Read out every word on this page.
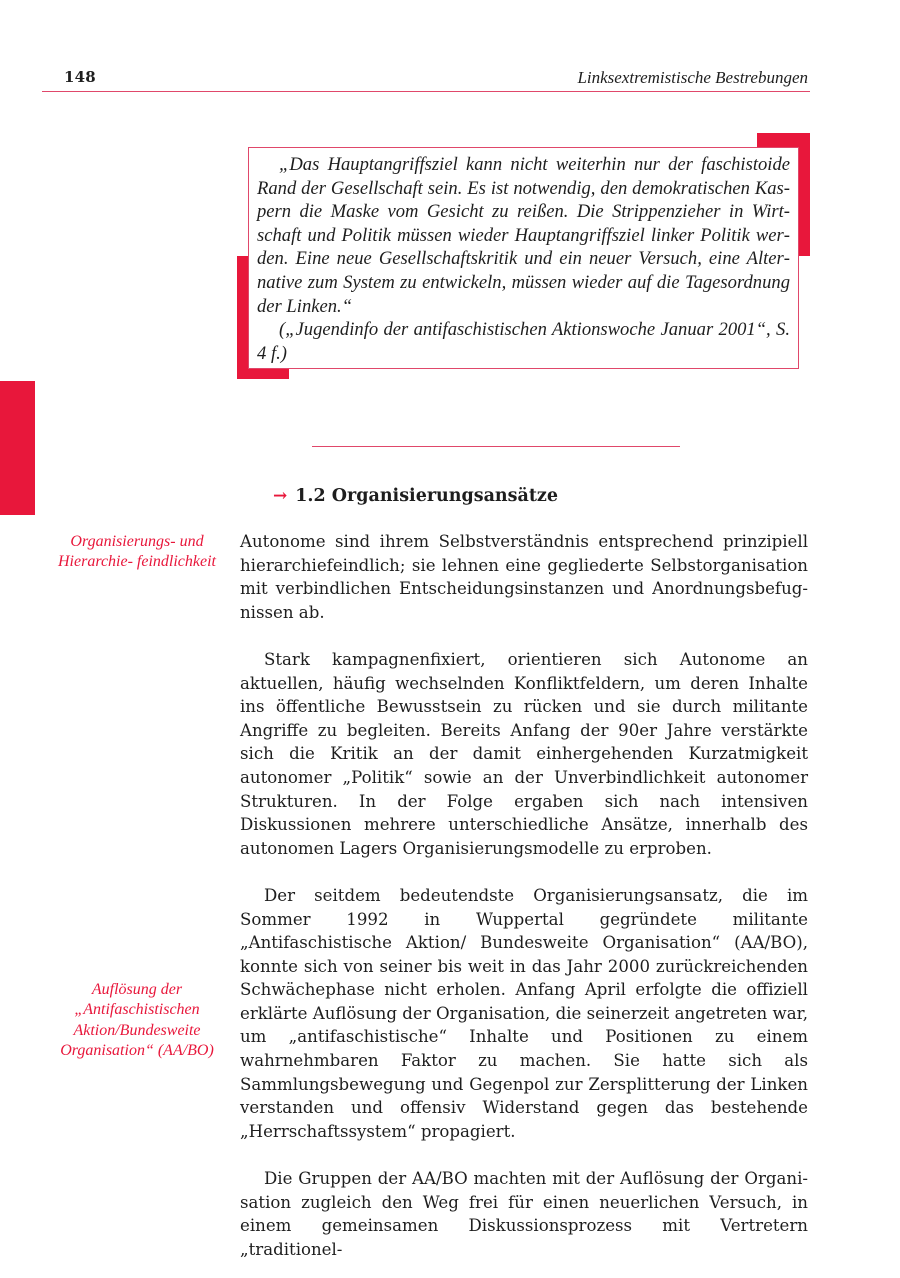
148	Linksextremistische Bestrebungen

„Das Hauptangriffsziel kann nicht weiterhin nur der faschistoide Rand der Gesellschaft sein. Es ist notwendig, den demokratischen Kaspern die Maske vom Gesicht zu reißen. Die Strippenzieher in Wirtschaft und Politik müssen wieder Hauptangriffsziel linker Politik werden. Eine neue Gesellschaftskritik und ein neuer Versuch, eine Alternative zum System zu entwickeln, müssen wieder auf die Tagesordnung der Linken.“

(„Jugendinfo der antifaschistischen Aktionswoche Januar 2001“, S. 4 f.)

→ 1.2 Organisierungsansätze
Organisierungs- und Hierarchie- feindlichkeit
Auflösung der „Antifaschistischen Aktion/Bundesweite Organisation“ (AA/BO)

Autonome sind ihrem Selbstverständnis entsprechend prinzipiell hierarchiefeindlich; sie lehnen eine gegliederte Selbstorganisation mit verbindlichen Entscheidungsinstanzen und Anordnungsbefugnissen ab.

Stark kampagnenfixiert, orientieren sich Autonome an aktuellen, häufig wechselnden Konfliktfeldern, um deren Inhalte ins öffentliche Bewusstsein zu rücken und sie durch militante Angriffe zu begleiten. Bereits Anfang der 90er Jahre verstärkte sich die Kritik an der damit einhergehenden Kurzatmigkeit autonomer „Politik“ sowie an der Unverbindlichkeit autonomer Strukturen. In der Folge ergaben sich nach intensiven Diskussionen mehrere unterschiedliche Ansätze, innerhalb des autonomen Lagers Organisierungsmodelle zu erproben.

Der seitdem bedeutendste Organisierungsansatz, die im Sommer 1992 in Wuppertal gegründete militante „Antifaschistische Aktion/ Bundesweite Organisation“ (AA/BO), konnte sich von seiner bis weit in das Jahr 2000 zurückreichenden Schwächephase nicht erholen. Anfang April erfolgte die offiziell erklärte Auflösung der Organisation, die seinerzeit angetreten war, um „antifaschistische“ Inhalte und Positionen zu einem wahrnehmbaren Faktor zu machen. Sie hatte sich als Sammlungsbewegung und Gegenpol zur Zersplitterung der Linken verstanden und offensiv Widerstand gegen das bestehende „Herrschaftssystem“ propagiert.

Die Gruppen der AA/BO machten mit der Auflösung der Organisation zugleich den Weg frei für einen neuerlichen Versuch, in einem gemeinsamen Diskussionsprozess mit Vertretern „traditionel-
